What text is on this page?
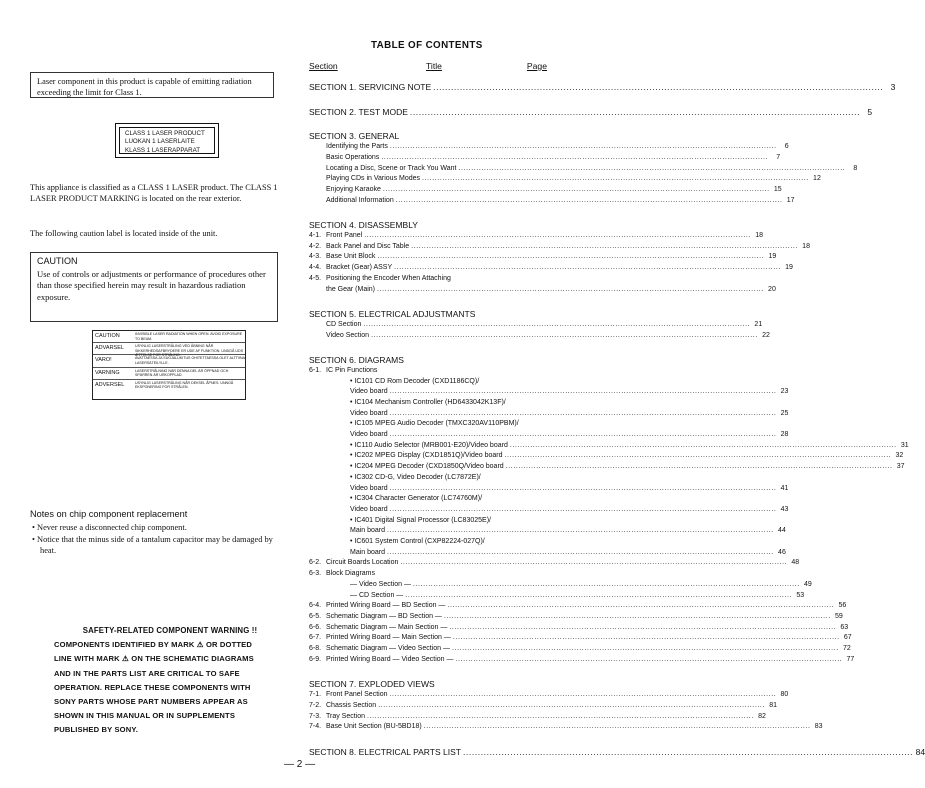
Laser component in this product is capable of emitting radiation exceeding the limit for Class 1.
CLASS 1 LASER PRODUCT
LUOKAN 1 LASERLAITE
KLASS 1 LASERAPPARAT
This appliance is classified as a CLASS 1 LASER product. The CLASS 1 LASER PRODUCT MARKING is located on the rear exterior.
The following caution label is located inside of the unit.
CAUTION
Use of controls or adjustments or performance of procedures other than those specified herein may result in hazardous radiation exposure.
CAUTION	INVISIBLE LASER RADIATION WHEN OPEN. AVOID EXPOSURE TO BEAM.
ADVARSEL	USYNLIG LASERSTRÅLING VED ÅBNING NÅR SIKKERHEDSAFBRYDERE ER UDE AF FUNKTION. UNDGÅ UDS ÆTTELSE FOR STRÅLING.
VARO!	AVATTAESSA JA SUOJALUKITUS OHITETTAESSA OLET ALTTIINA LASERSÄTEILYLLE.
VARNING	LASERSTRÅLNING NÄR DENNA DEL ÄR ÖPPNAD OCH SPÄRREN ÄR URKOPPLAD.
ADVERSEL	USYNLIG LASERSTRÅLING NÅR DEKSEL ÅPNES. UNNGÅ EKSPONERING FOR STRÅLEN.
Notes on chip component replacement
• Never reuse a disconnected chip component.
• Notice that the minus side of a tantalum capacitor may be damaged by heat.
SAFETY-RELATED COMPONENT WARNING !!
COMPONENTS IDENTIFIED BY MARK ⚠ OR DOTTED
LINE WITH MARK ⚠ ON THE SCHEMATIC DIAGRAMS
AND IN THE PARTS LIST ARE CRITICAL TO SAFE
OPERATION. REPLACE THESE COMPONENTS WITH
SONY PARTS WHOSE PART NUMBERS APPEAR AS
SHOWN IN THIS MANUAL OR IN SUPPLEMENTS
PUBLISHED BY SONY.
TABLE OF CONTENTS
Section	Title	Page
SECTION 1. SERVICING NOTE .....	3
SECTION 2. TEST MODE .....	5
SECTION 3. GENERAL
Identifying the Parts .....	6
Basic Operations .....	7
Locating a Disc, Scene or Track You Want .....	8
Playing CDs in Various Modes .....	12
Enjoying Karaoke .....	15
Additional Information .....	17
SECTION 4. DISASSEMBLY
4-1. Front Panel .....	18
4-2. Back Panel and Disc Table .....	18
4-3. Base Unit Block .....	19
4-4. Bracket (Gear) ASSY .....	19
4-5. Positioning the Encoder When Attaching
the Gear (Main) .....	20
SECTION 5. ELECTRICAL ADJUSTMANTS
CD Section .....	21
Video Section .....	22
SECTION 6. DIAGRAMS
6-1. IC Pin Functions
• IC101 CD Rom Decoder (CXD1186CQ)/
Video board .....	23
• IC104 Mechanism Controller (HD6433042K13F)/
Video board .....	25
• IC105 MPEG Audio Decoder (TMXC320AV110PBM)/
Video board .....	28
• IC110 Audio Selector (MRB001-E20)/Video board .....	31
• IC202 MPEG Display (CXD1851Q)/Video board .....	32
• IC204 MPEG Decoder (CXD1850Q/Video board .....	37
• IC302 CD-G, Video Decoder (LC7872E)/
Video board .....	41
• IC304 Character Generator (LC74760M)/
Video board .....	43
• IC401 Digital Signal Processor (LC83025E)/
Main board .....	44
• IC601 System Control (CXP82224-027Q)/
Main board .....	46
6-2. Circuit Boards Location .....	48
6-3. Block Diagrams
— Video Section — .....	49
— CD Section — .....	53
6-4. Printed Wiring Board — BD Section — .....	56
6-5. Schematic Diagram — BD Section — .....	59
6-6. Schematic Diagram — Main Section — .....	63
6-7. Printed Wiring Board — Main Section — .....	67
6-8. Schematic Diagram — Video Section — .....	72
6-9. Printed Wiring Board — Video Section — .....	77
SECTION 7. EXPLODED VIEWS
7-1. Front Panel Section .....	80
7-2. Chassis Section .....	81
7-3. Tray Section .....	82
7-4. Base Unit Section (BU-5BD18) .....	83
SECTION 8. ELECTRICAL PARTS LIST .....	84
— 2 —
